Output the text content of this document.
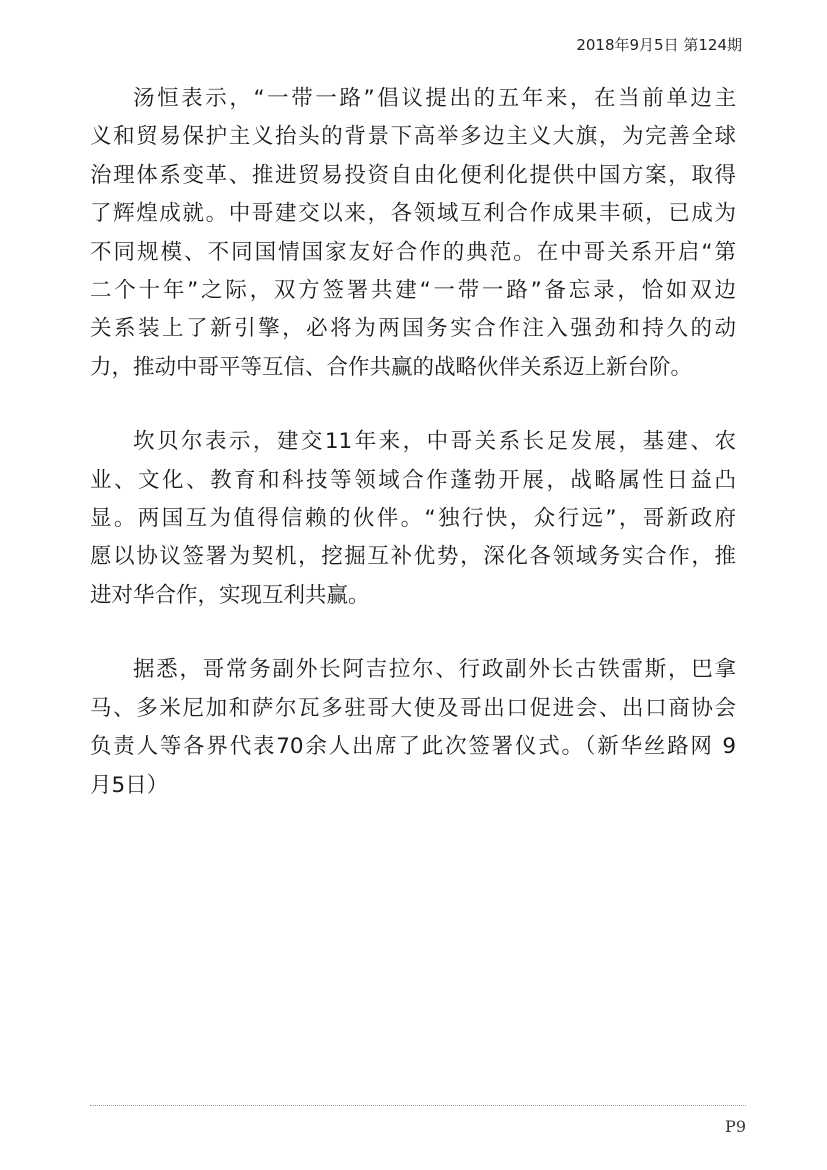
2018年9月5日 第124期

汤恒表示，“一带一路”倡议提出的五年来，在当前单边主
义和贸易保护主义抬头的背景下高举多边主义大旗，为完善全球
治理体系变革、推进贸易投资自由化便利化提供中国方案，取得
了辉煌成就。中哥建交以来，各领域互利合作成果丰硕，已成为
不同规模、不同国情国家友好合作的典范。在中哥关系开启“第
二个十年”之际，双方签署共建“一带一路”备忘录，恰如双边
关系装上了新引擎，必将为两国务实合作注入强劲和持久的动
力，推动中哥平等互信、合作共赢的战略伙伴关系迈上新台阶。

坎贝尔表示，建交11年来，中哥关系长足发展，基建、农
业、文化、教育和科技等领域合作蓬勃开展，战略属性日益凸
显。两国互为值得信赖的伙伴。“独行快，众行远”，哥新政府
愿以协议签署为契机，挖掘互补优势，深化各领域务实合作，推
进对华合作，实现互利共赢。

据悉，哥常务副外长阿吉拉尔、行政副外长古铁雷斯，巴拿
马、多米尼加和萨尔瓦多驻哥大使及哥出口促进会、出口商协会
负责人等各界代表70余人出席了此次签署仪式。（新华丝路网 9
月5日）

P9
